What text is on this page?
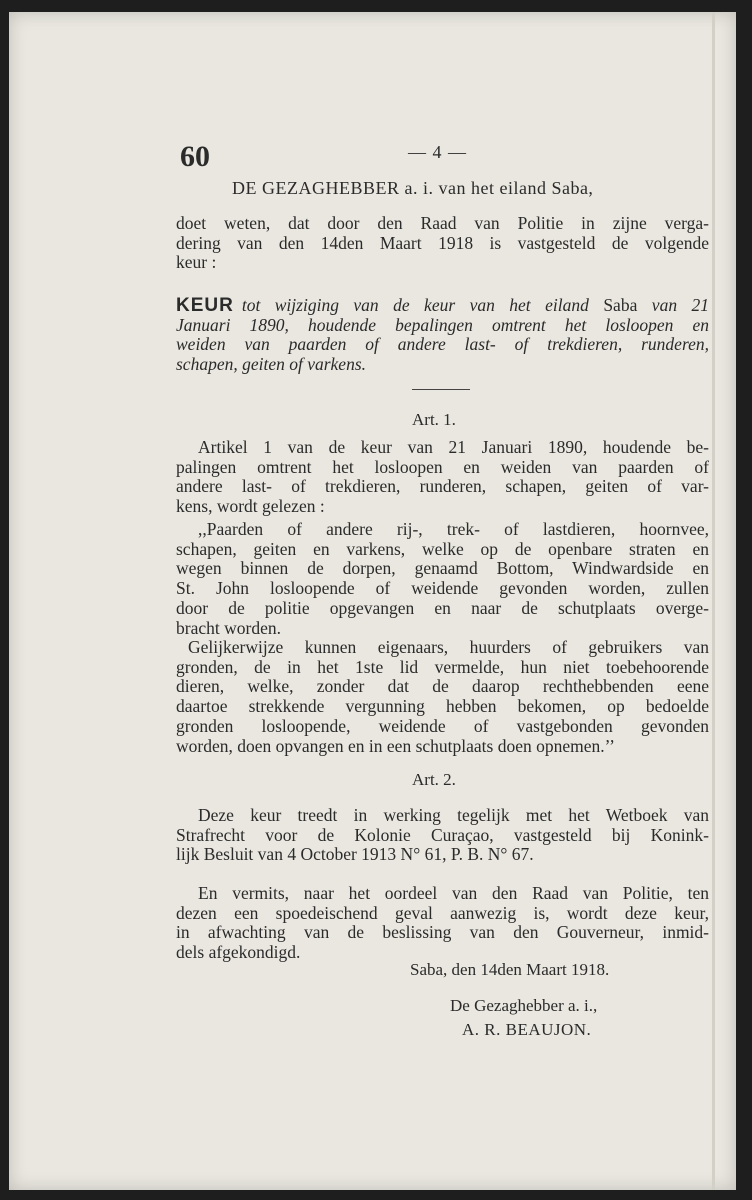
60	— 4 —
DE GEZAGHEBBER a. i. van het eiland Saba,
doet weten, dat door den Raad van Politie in zijne verga-
dering van den 14den Maart 1918 is vastgesteld de volgende
keur :
KEUR tot wijziging van de keur van het eiland Saba van 21
Januari 1890, houdende bepalingen omtrent het losloopen en
weiden van paarden of andere last- of trekdieren, runderen,
schapen, geiten of varkens.
Art. 1.
Artikel 1 van de keur van 21 Januari 1890, houdende be-
palingen omtrent het losloopen en weiden van paarden of
andere last- of trekdieren, runderen, schapen, geiten of var-
kens, wordt gelezen :
,,Paarden of andere rij-, trek- of lastdieren, hoornvee,
schapen, geiten en varkens, welke op de openbare straten en
wegen binnen de dorpen, genaamd Bottom, Windwardside en
St. John losloopende of weidende gevonden worden, zullen
door de politie opgevangen en naar de schutplaats overge-
bracht worden.
Gelijkerwijze kunnen eigenaars, huurders of gebruikers van
gronden, de in het 1ste lid vermelde, hun niet toebehoorende
dieren, welke, zonder dat de daarop rechthebbenden eene
daartoe strekkende vergunning hebben bekomen, op bedoelde
gronden losloopende, weidende of vastgebonden gevonden
worden, doen opvangen en in een schutplaats doen opnemen.’’
Art. 2.
Deze keur treedt in werking tegelijk met het Wetboek van
Strafrecht voor de Kolonie Curaçao, vastgesteld bij Konink-
lijk Besluit van 4 October 1913 N° 61, P. B. N° 67.
En vermits, naar het oordeel van den Raad van Politie, ten
dezen een spoedeischend geval aanwezig is, wordt deze keur,
in afwachting van de beslissing van den Gouverneur, inmid-
dels afgekondigd.
Saba, den 14den Maart 1918.
De Gezaghebber a. i.,
A. R. BEAUJON.
